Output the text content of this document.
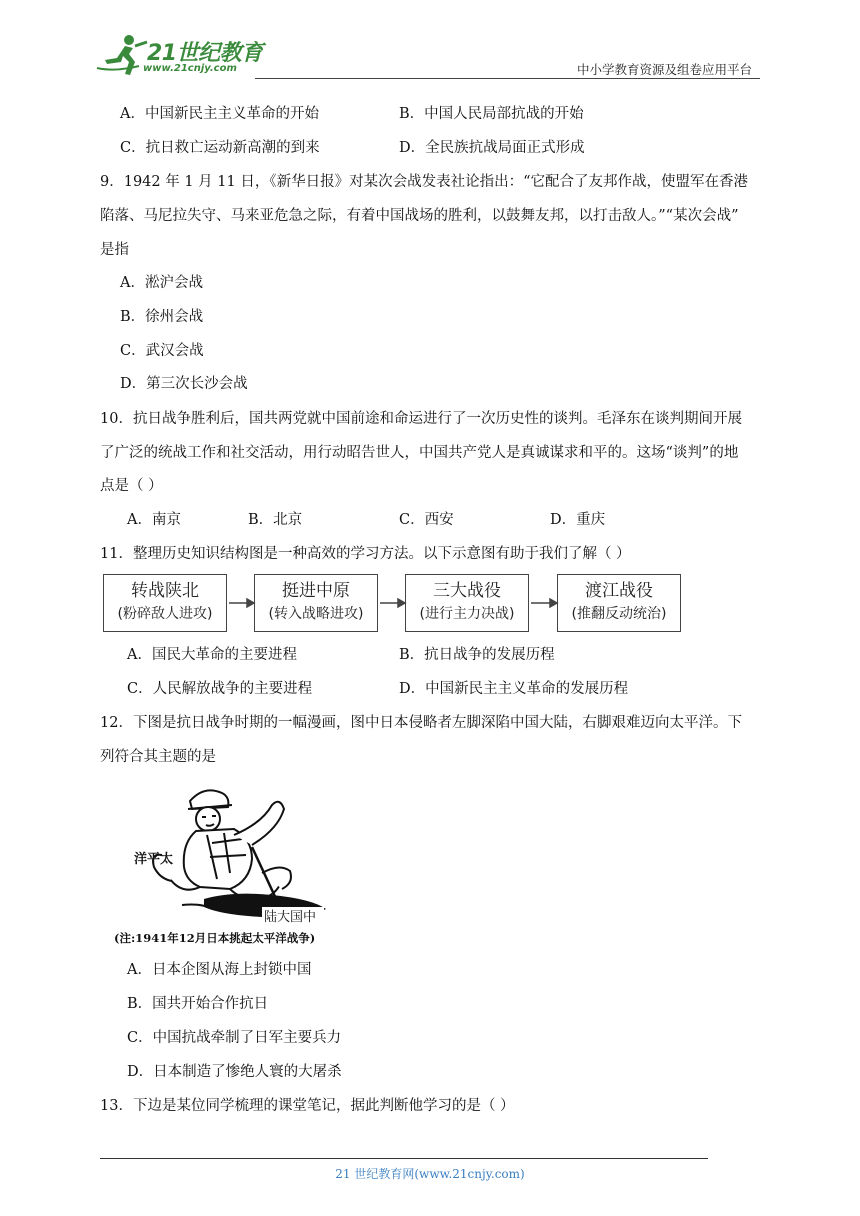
21世纪教育
www.21cnjy.com	中小学教育资源及组卷应用平台
A．中国新民主主义革命的开始	B．中国人民局部抗战的开始
C．抗日救亡运动新高潮的到来	D．全民族抗战局面正式形成
9．1942 年 1 月 11 日，《新华日报》对某次会战发表社论指出：“它配合了友邦作战，使盟军在香港
陷落、马尼拉失守、马来亚危急之际，有着中国战场的胜利，以鼓舞友邦，以打击敌人。”“某次会战”
是指
A．淞沪会战
B．徐州会战
C．武汉会战
D．第三次长沙会战
10．抗日战争胜利后，国共两党就中国前途和命运进行了一次历史性的谈判。毛泽东在谈判期间开展
了广泛的统战工作和社交活动，用行动昭告世人，中国共产党人是真诚谋求和平的。这场“谈判”的地
点是（ ）
A．南京	B．北京	C．西安	D．重庆
11．整理历史知识结构图是一种高效的学习方法。以下示意图有助于我们了解（ ）
转战陕北
(粉碎敌人进攻)
挺进中原
(转入战略进攻)
三大战役
(进行主力决战)
渡江战役
(推翻反动统治)
A．国民大革命的主要进程	B．抗日战争的发展历程
C．人民解放战争的主要进程	D．中国新民主主义革命的发展历程
12．下图是抗日战争时期的一幅漫画，图中日本侵略者左脚深陷中国大陆，右脚艰难迈向太平洋。下
列符合其主题的是
洋平太
陆大国中
(注:1941年12月日本挑起太平洋战争)
A．日本企图从海上封锁中国
B．国共开始合作抗日
C．中国抗战牵制了日军主要兵力
D．日本制造了惨绝人寰的大屠杀
13．下边是某位同学梳理的课堂笔记，据此判断他学习的是（ ）
21 世纪教育网(www.21cnjy.com)
